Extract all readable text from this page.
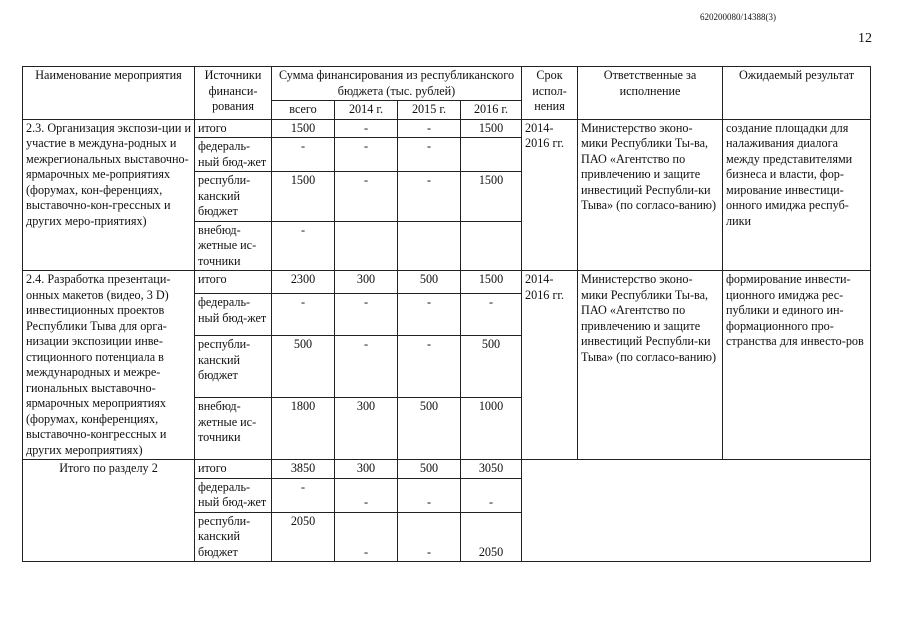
620200080/14388(3)
12
Наименование мероприятия	Источники финанси-рования	Сумма финансирования из республиканского бюджета (тыс. рублей)				Срок испол-нения	Ответственные за исполнение	Ожидаемый результат
		всего	2014 г.	2015 г.	2016 г.			
2.3. Организация экспози-ции и участие в междуна-родных и межрегиональных выставочно-ярмарочных ме-роприятиях (форумах, кон-ференциях, выставочно-кон-грессных и других меро-приятиях)	итого	1500	-	-	1500	2014-2016 гг.	Министерство эконо-мики Республики Ты-ва, ПАО «Агентство по привлечению и защите инвестиций Республи-ки Тыва» (по согласо-ванию)	создание площадки для налаживания диалога между представителями бизнеса и власти, фор-мирование инвестици-онного имиджа респуб-лики
	федераль-ный бюд-жет	-	-	-				
	республи-канский бюджет	1500	-	-	1500			
	внебюд-жетные ис-точники	-						
2.4. Разработка презентаци-онных макетов (видео, 3 D) инвестиционных проектов Республики Тыва для орга-низации экспозиции инве-стиционного потенциала в международных и межре-гиональных выставочно-ярмарочных мероприятиях (форумах, конференциях, выставочно-конгрессных и других мероприятиях)	итого	2300	300	500	1500	2014-2016 гг.	Министерство эконо-мики Республики Ты-ва, ПАО «Агентство по привлечению и защите инвестиций Республи-ки Тыва» (по согласо-ванию)	формирование инвести-ционного имиджа рес-публики и единого ин-формационного про-странства для инвесто-ров
	федераль-ный бюд-жет	-	-	-	-			
	республи-канский бюджет	500	-	-	500			
	внебюд-жетные ис-точники	1800	300	500	1000			
Итого по разделу 2	итого	3850	300	500	3050			
	федераль-ный бюд-жет	-	-	-	-			
	республи-канский бюджет	2050	-	-	2050			
